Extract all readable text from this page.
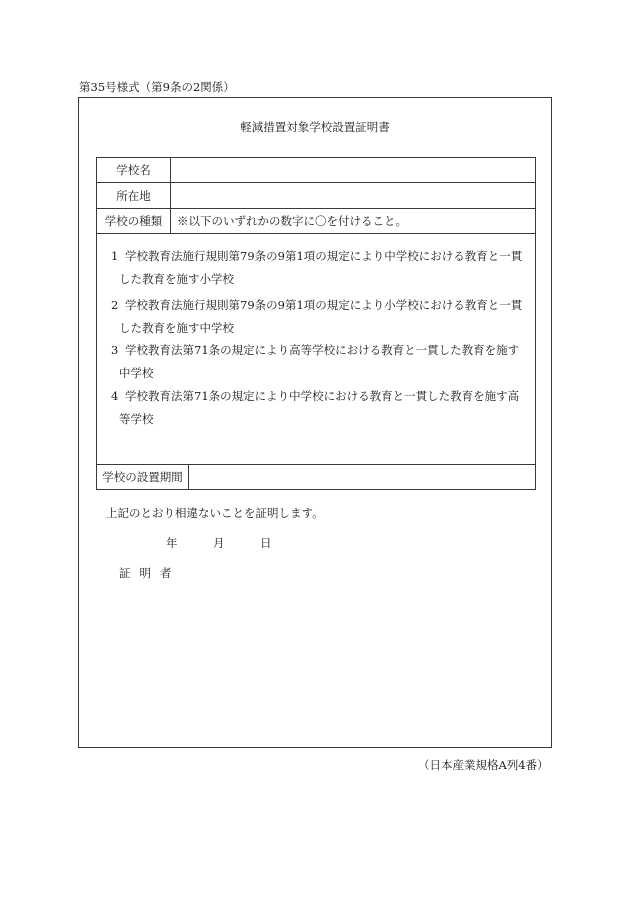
第35号様式（第9条の2関係）
軽減措置対象学校設置証明書
学校名
所在地
学校の種類	※以下のいずれかの数字に〇を付けること。
1 学校教育法施行規則第79条の9第1項の規定により中学校における教育と一貫
した教育を施す小学校
2 学校教育法施行規則第79条の9第1項の規定により小学校における教育と一貫
した教育を施す中学校
3 学校教育法第71条の規定により高等学校における教育と一貫した教育を施す
中学校
4 学校教育法第71条の規定により中学校における教育と一貫した教育を施す高
等学校
学校の設置期間
上記のとおり相違ないことを証明します。
年	月	日
証明者
（日本産業規格A列4番）
